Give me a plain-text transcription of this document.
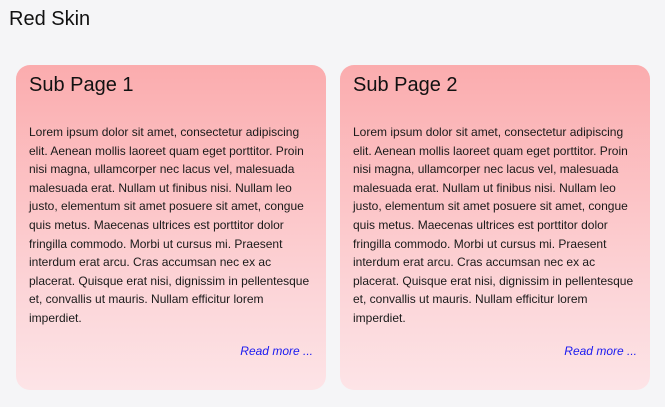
Red Skin
Sub Page 1

Lorem ipsum dolor sit amet, consectetur adipiscing elit. Aenean mollis laoreet quam eget porttitor. Proin nisi magna, ullamcorper nec lacus vel, malesuada malesuada erat. Nullam ut finibus nisi. Nullam leo justo, elementum sit amet posuere sit amet, congue quis metus. Maecenas ultrices est porttitor dolor fringilla commodo. Morbi ut cursus mi. Praesent interdum erat arcu. Cras accumsan nec ex ac placerat. Quisque erat nisi, dignissim in pellentesque et, convallis ut mauris. Nullam efficitur lorem imperdiet.

Read more ...
Sub Page 2

Lorem ipsum dolor sit amet, consectetur adipiscing elit. Aenean mollis laoreet quam eget porttitor. Proin nisi magna, ullamcorper nec lacus vel, malesuada malesuada erat. Nullam ut finibus nisi. Nullam leo justo, elementum sit amet posuere sit amet, congue quis metus. Maecenas ultrices est porttitor dolor fringilla commodo. Morbi ut cursus mi. Praesent interdum erat arcu. Cras accumsan nec ex ac placerat. Quisque erat nisi, dignissim in pellentesque et, convallis ut mauris. Nullam efficitur lorem imperdiet.

Read more ...
